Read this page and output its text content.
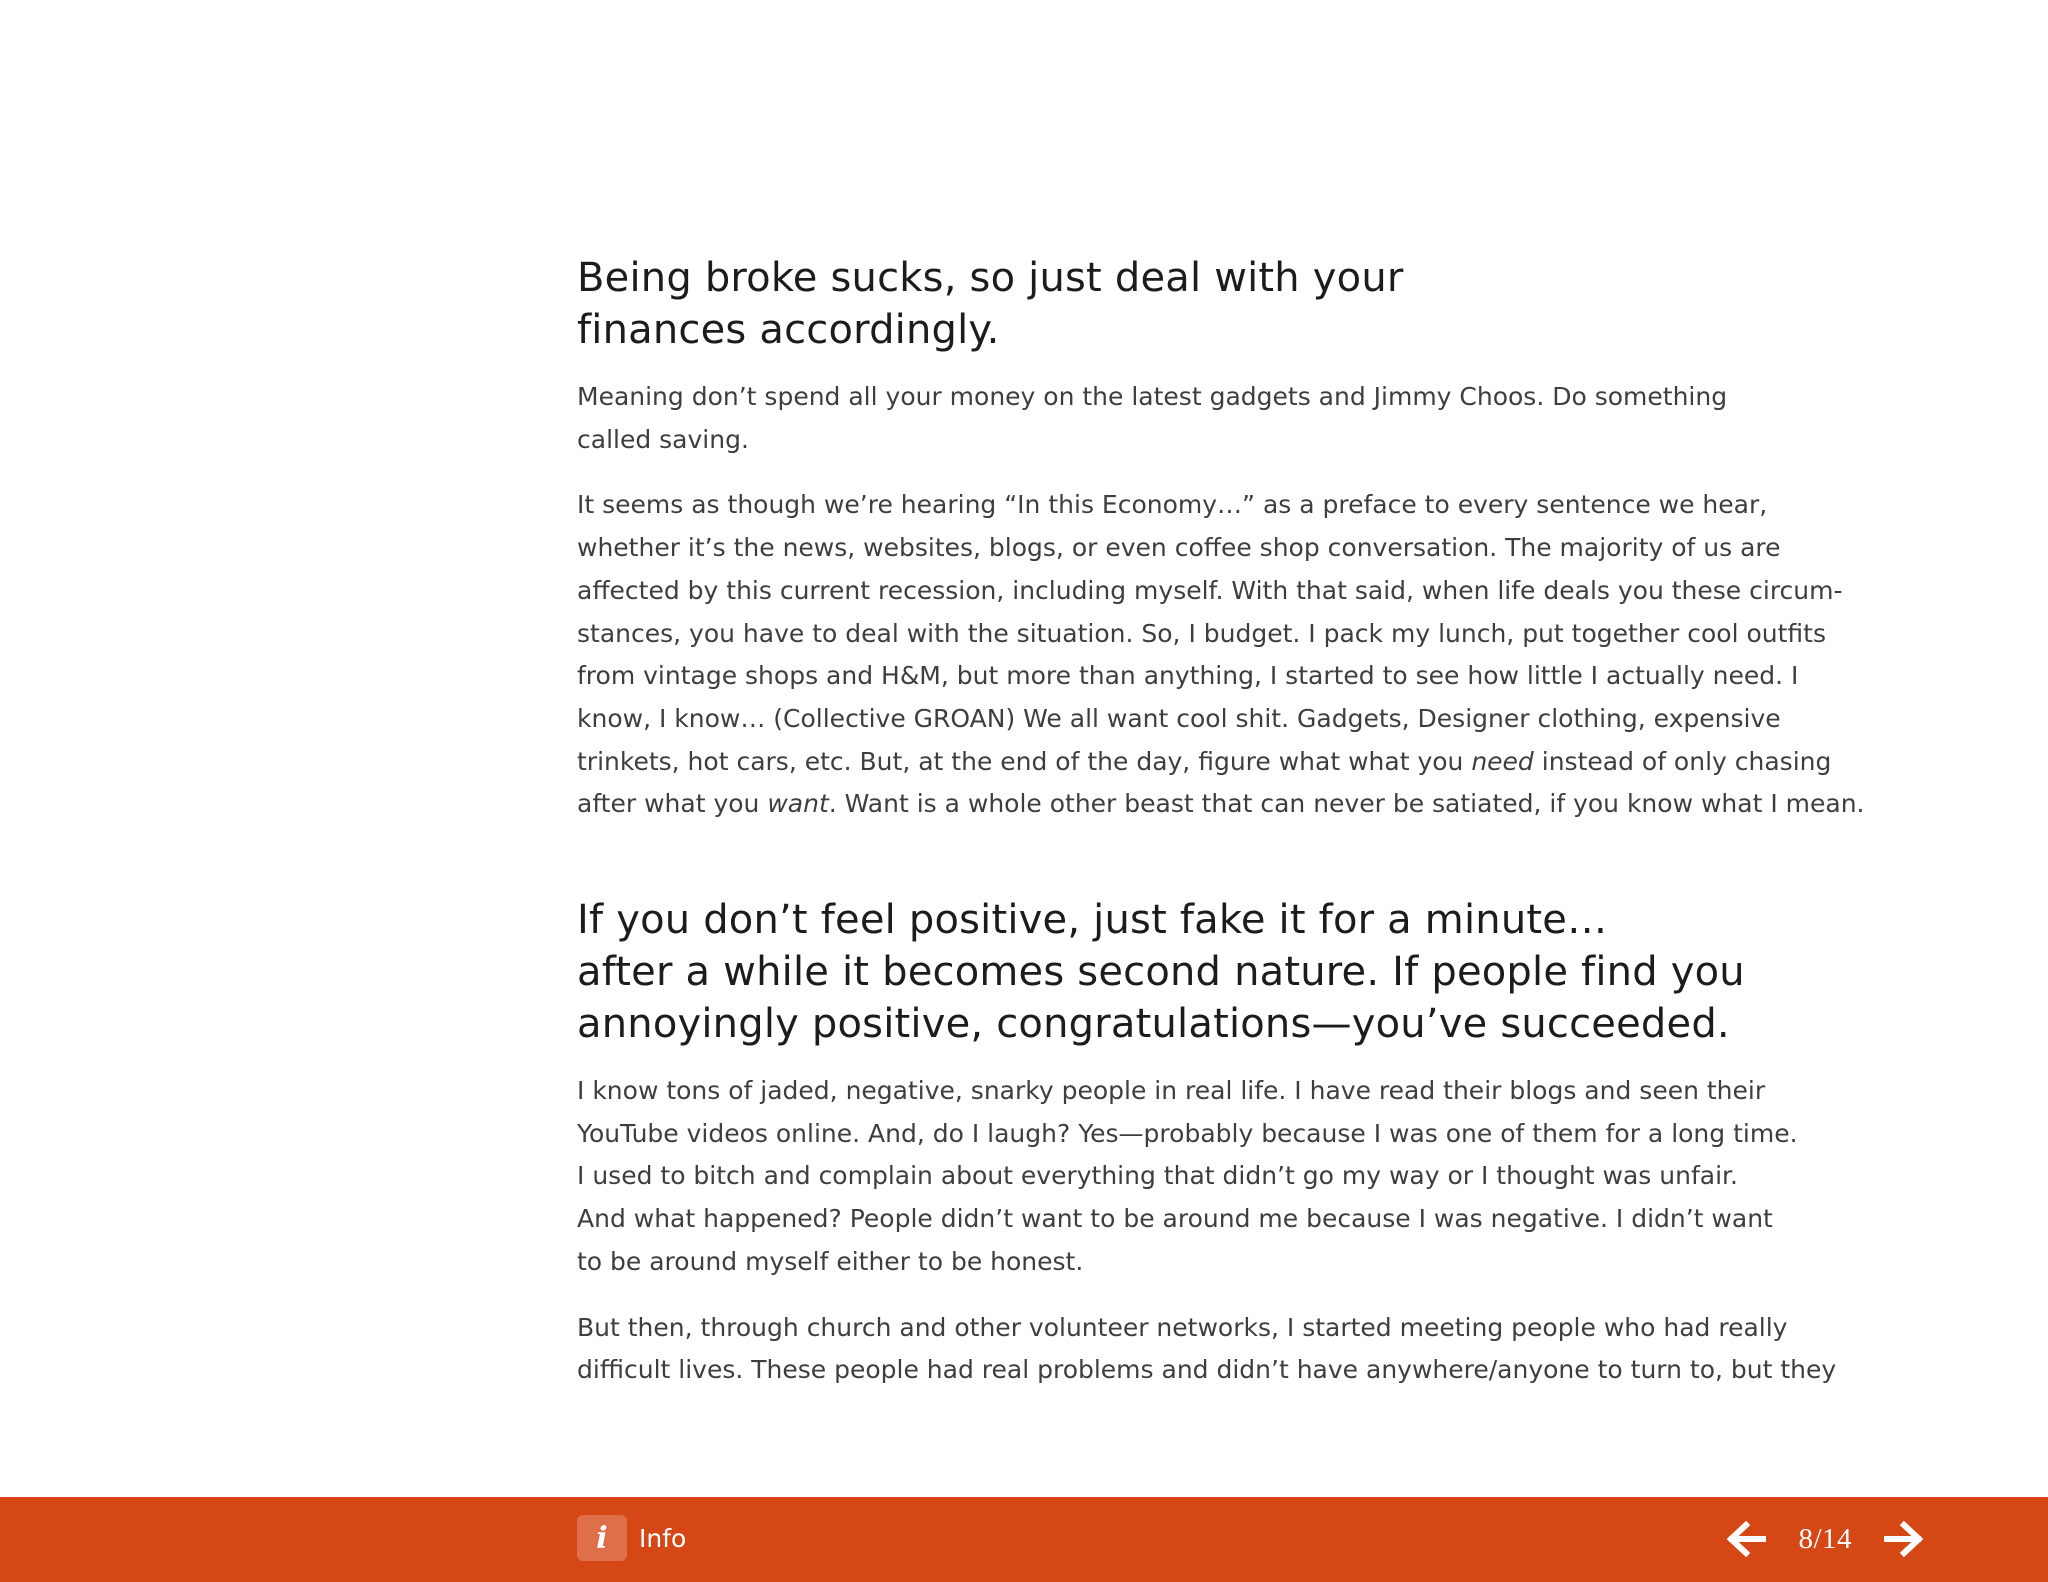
Being broke sucks, so just deal with your
finances accordingly.

Meaning don’t spend all your money on the latest gadgets and Jimmy Choos. Do something
called saving.

It seems as though we’re hearing “In this Economy…” as a preface to every sentence we hear,
whether it’s the news, websites, blogs, or even coffee shop conversation. The majority of us are
affected by this current recession, including myself. With that said, when life deals you these circum-
stances, you have to deal with the situation. So, I budget. I pack my lunch, put together cool outfits
from vintage shops and H&M, but more than anything, I started to see how little I actually need. I
know, I know… (Collective GROAN) We all want cool shit. Gadgets, Designer clothing, expensive
trinkets, hot cars, etc. But, at the end of the day, figure what what you need instead of only chasing
after what you want. Want is a whole other beast that can never be satiated, if you know what I mean.

If you don’t feel positive, just fake it for a minute…
after a while it becomes second nature. If people find you
annoyingly positive, congratulations—you’ve succeeded.

I know tons of jaded, negative, snarky people in real life. I have read their blogs and seen their
YouTube videos online. And, do I laugh? Yes—probably because I was one of them for a long time.
I used to bitch and complain about everything that didn’t go my way or I thought was unfair.
And what happened? People didn’t want to be around me because I was negative. I didn’t want
to be around myself either to be honest.

But then, through church and other volunteer networks, I started meeting people who had really
difficult lives. These people had real problems and didn’t have anywhere/anyone to turn to, but they

i	Info	8/14
